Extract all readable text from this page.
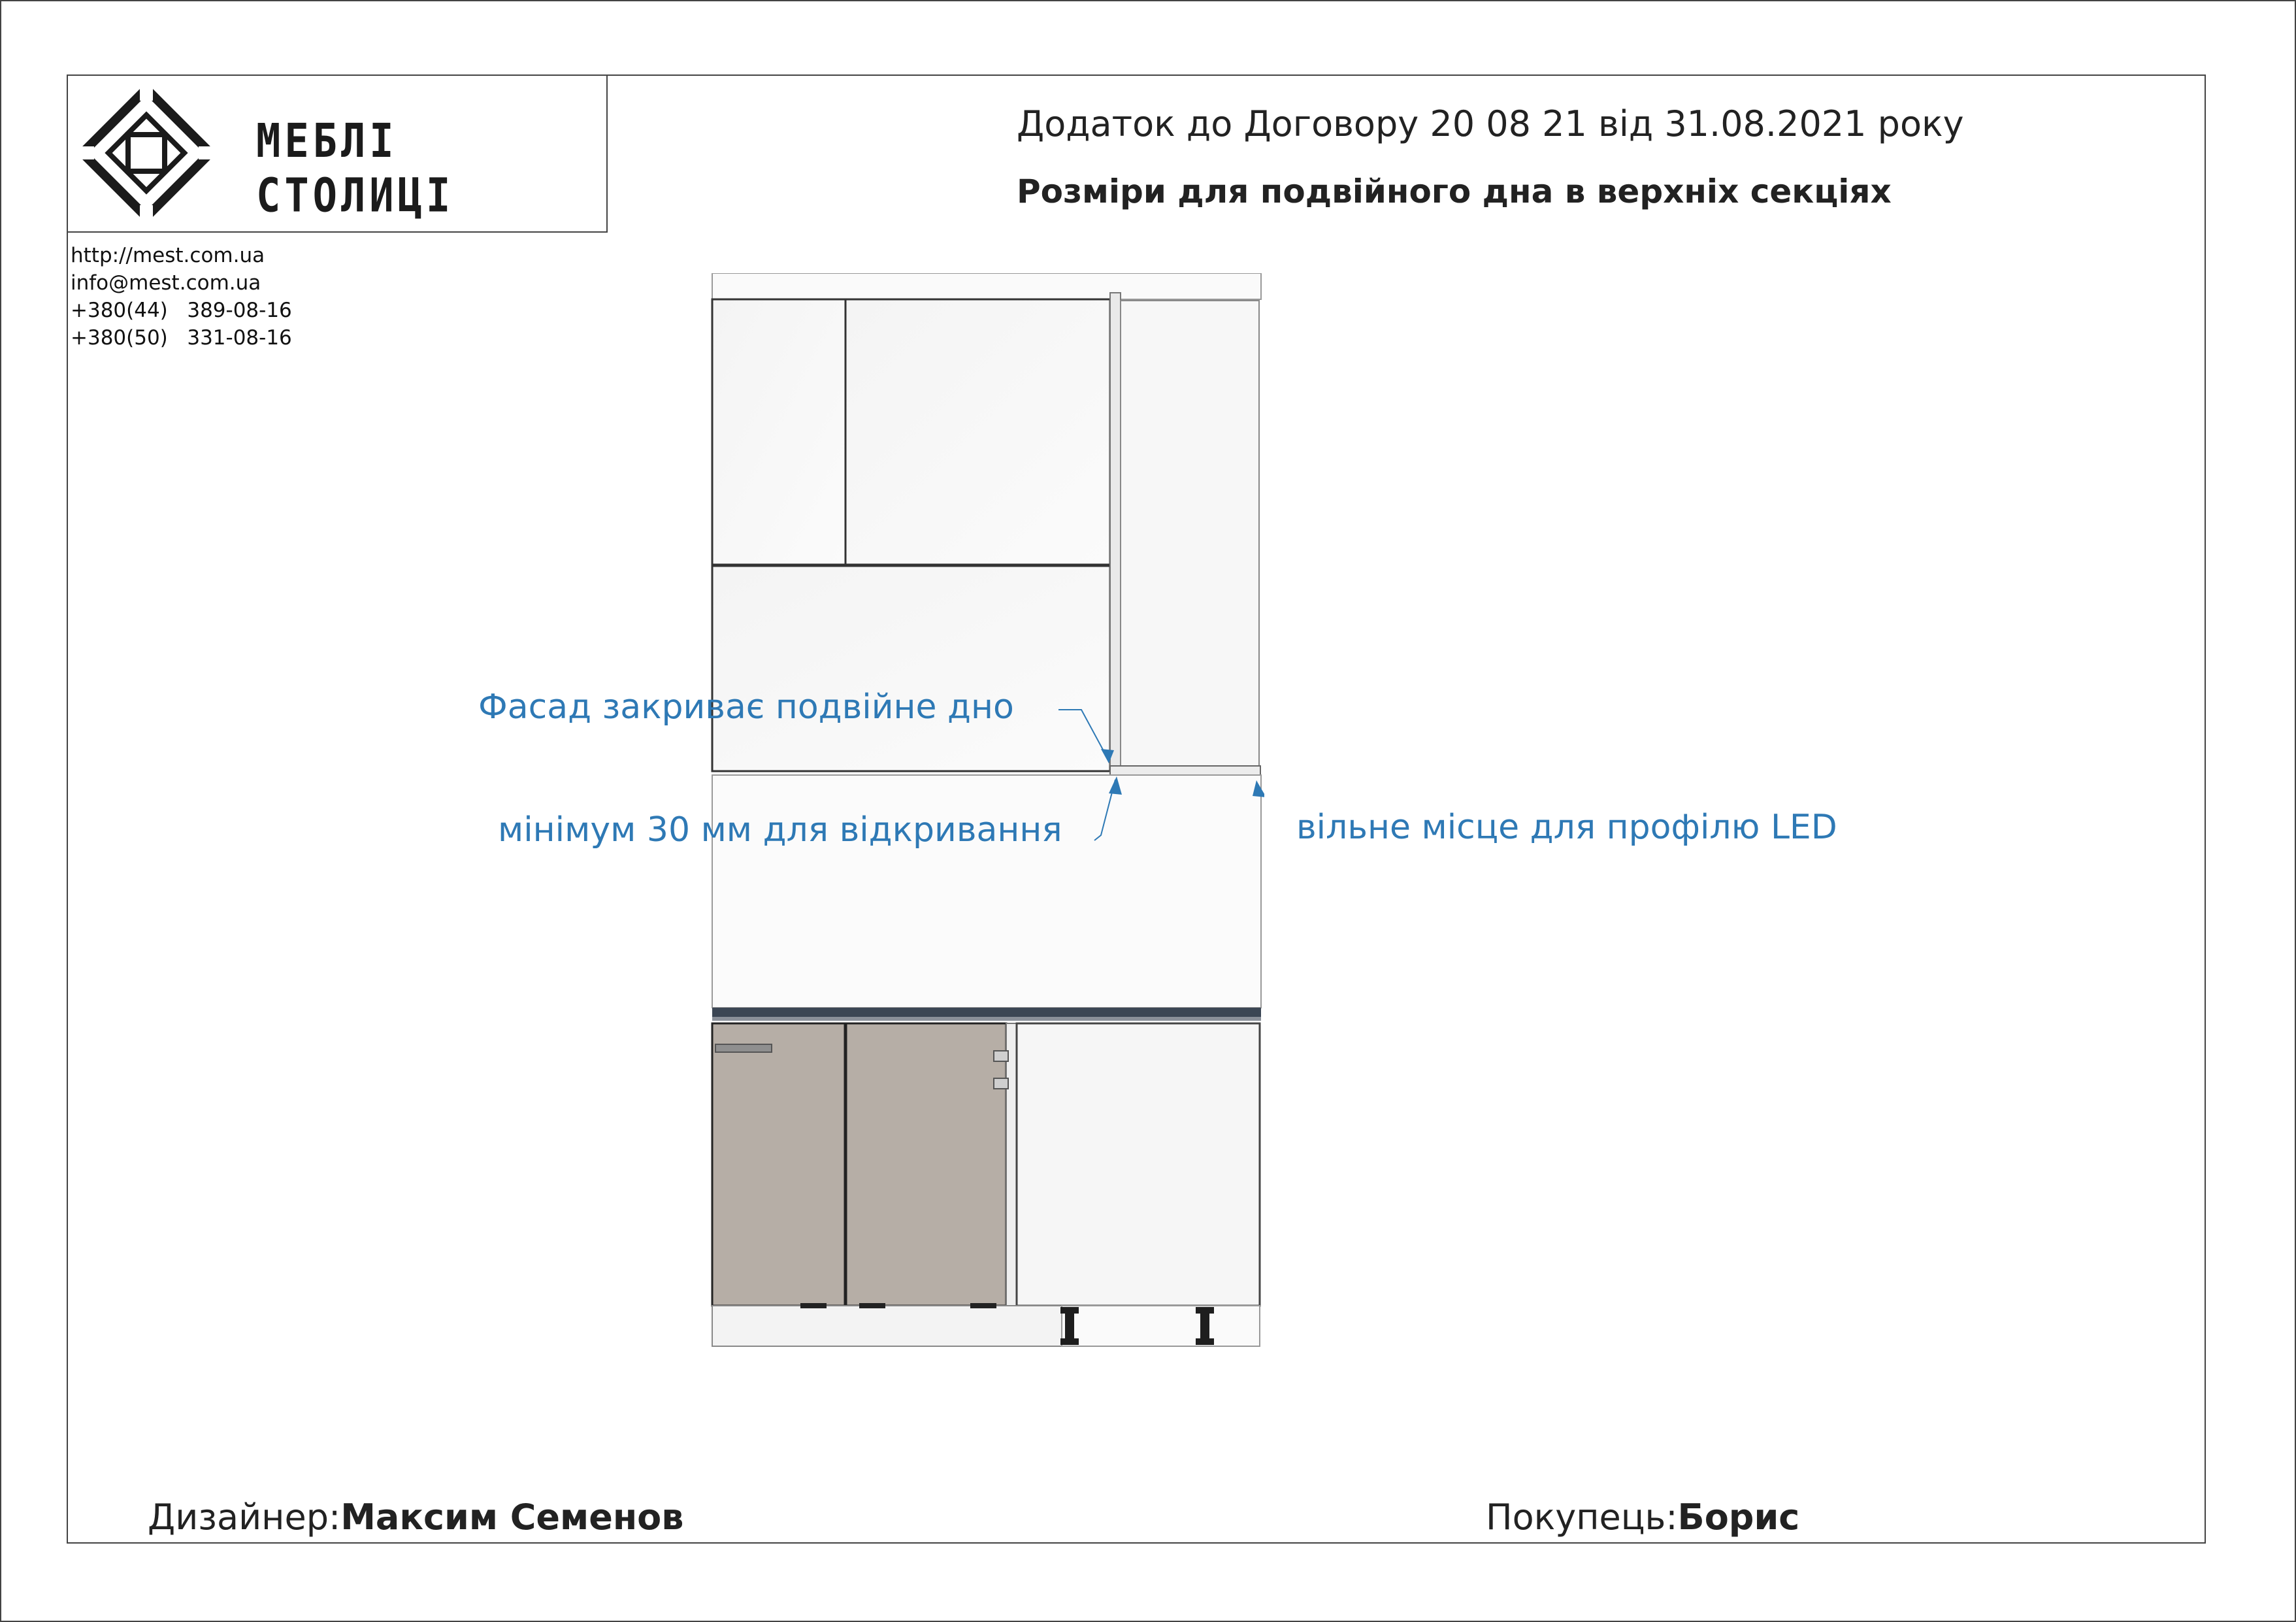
МЕБЛІ СТОЛИЦІ
http://mest.com.ua
info@mest.com.ua
+380(44)   389-08-16
+380(50)   331-08-16
Додаток до Договору 20 08 21 від 31.08.2021 року
Розміри для подвійного дна в верхніх секціях
Фасад закриває подвійне дно
мінімум 30 мм для відкривання	вільне місце для профілю LED
Дизайнер:Максим Семенов	Покупець:Борис
